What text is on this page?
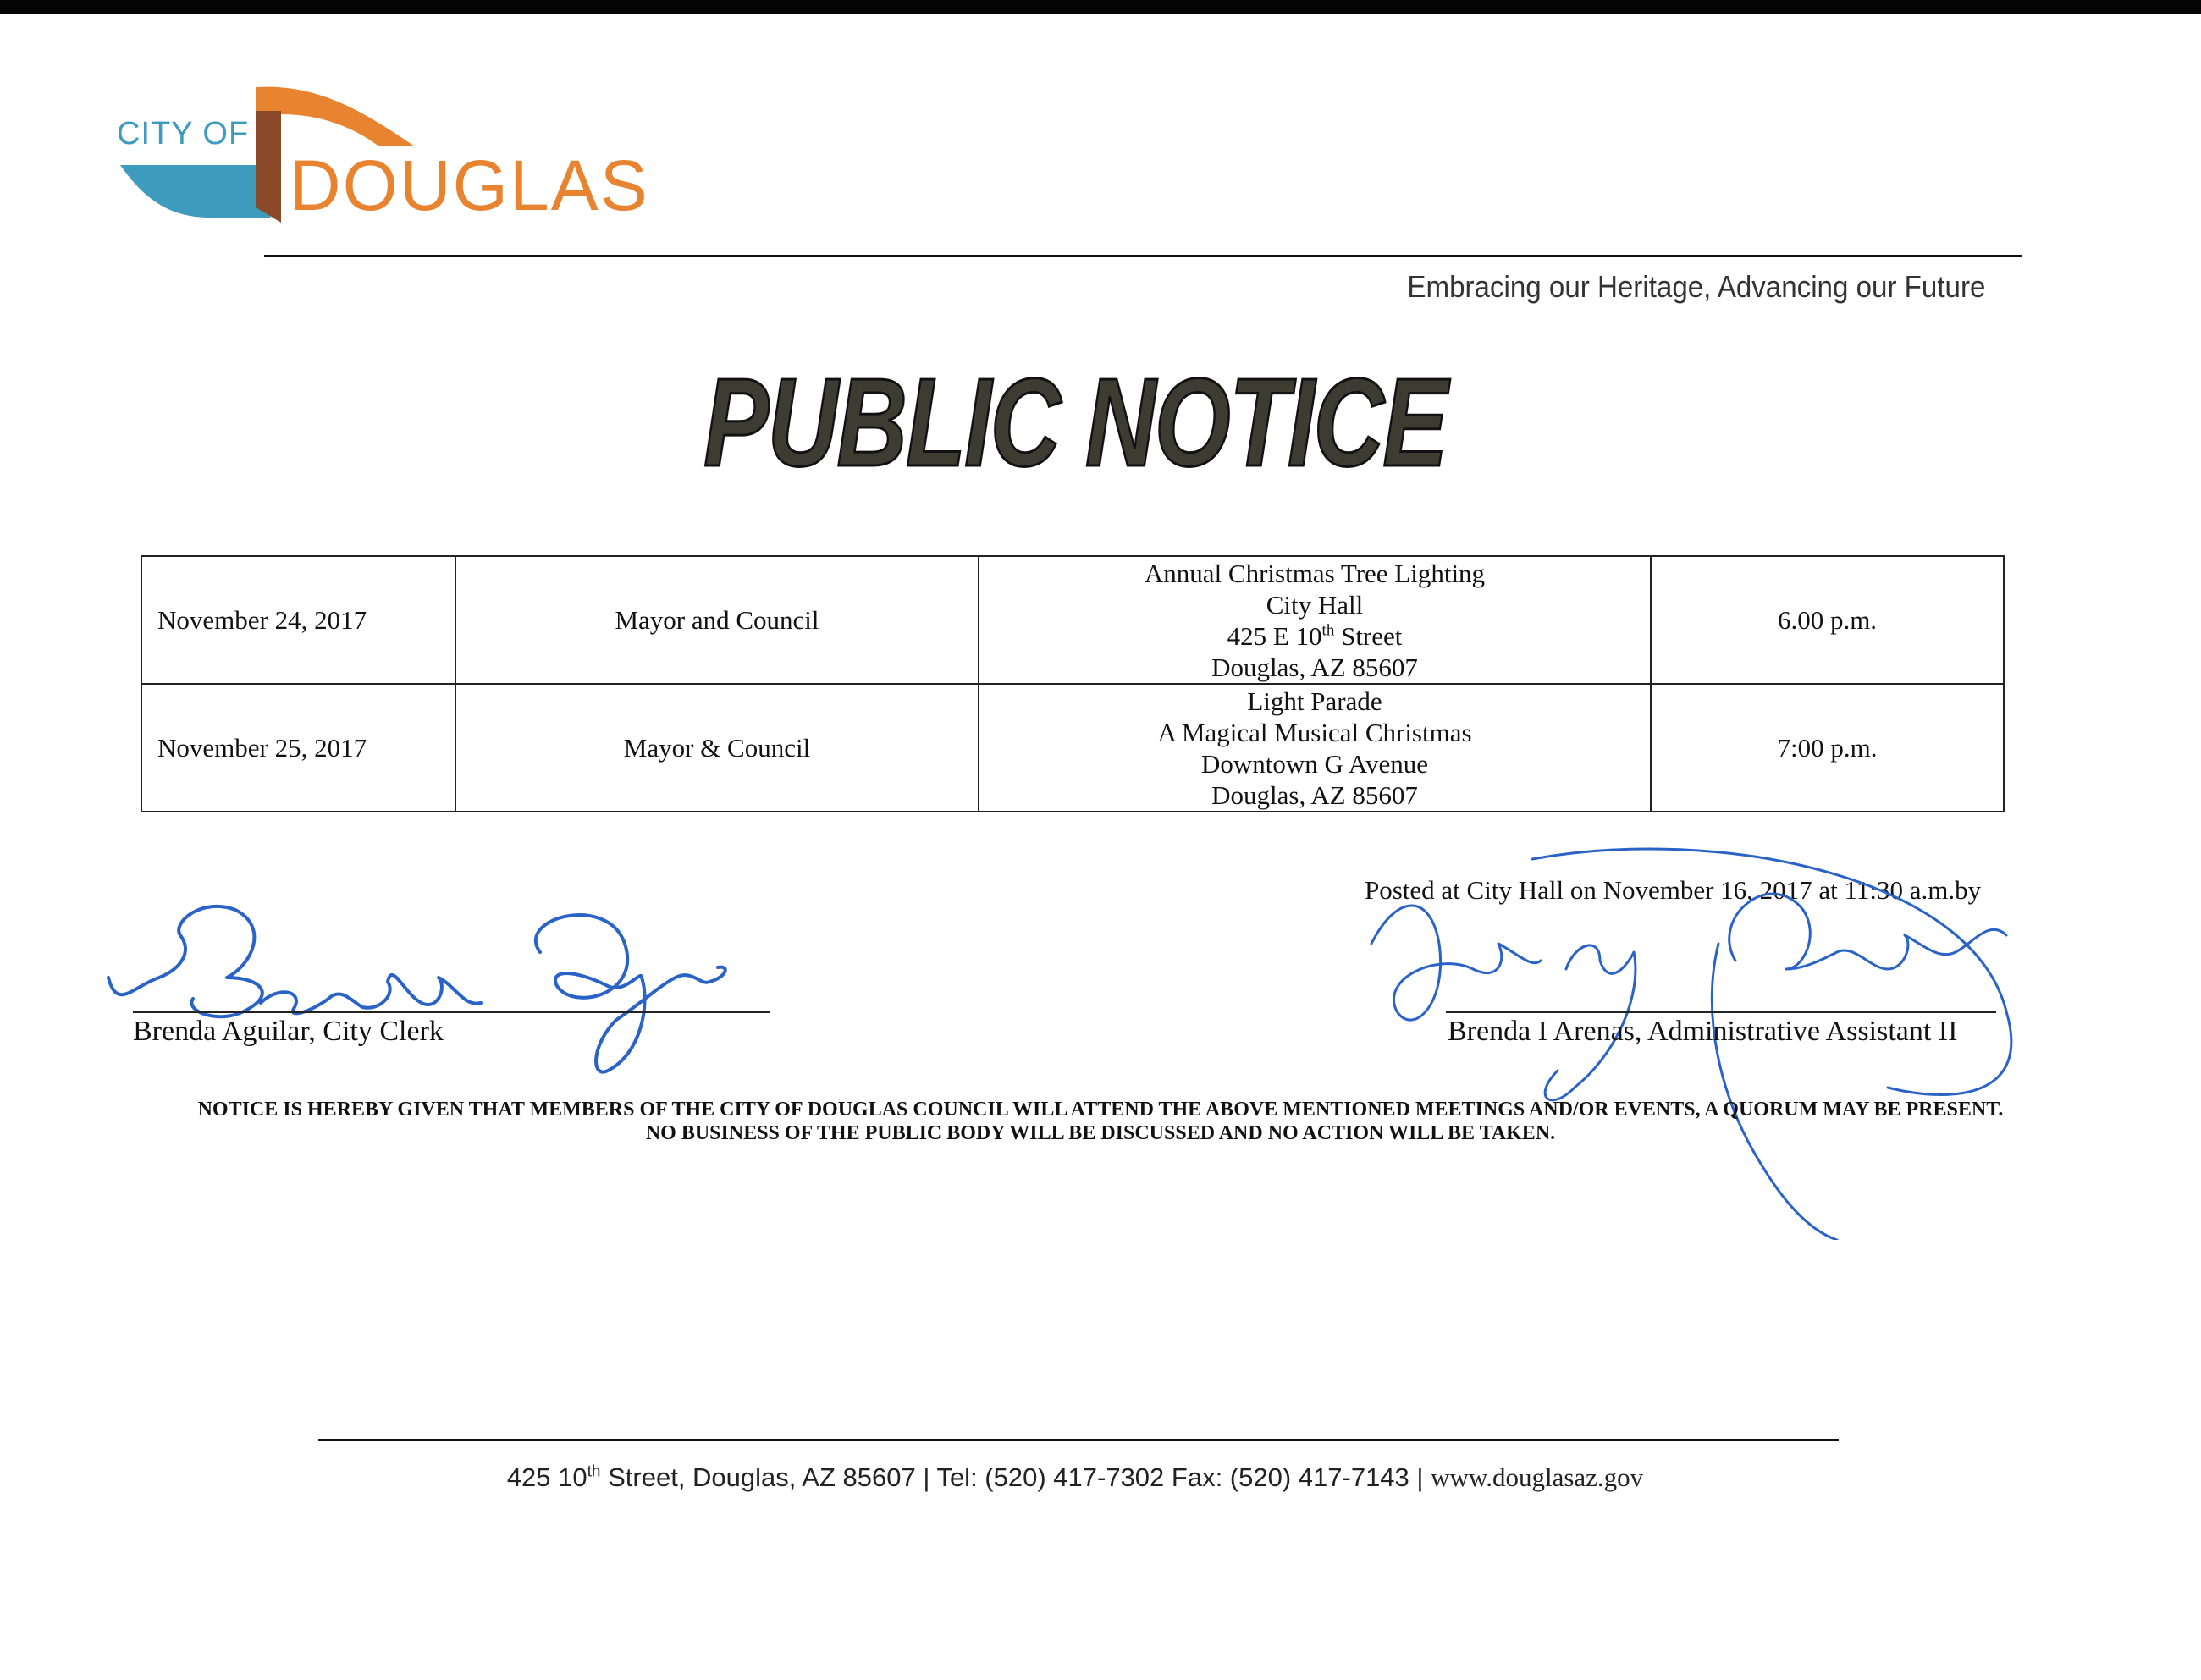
CITY OF
DOUGLAS
Embracing our Heritage, Advancing our Future
PUBLIC NOTICE
November 24, 2017	Mayor and Council	Annual Christmas Tree Lighting
City Hall
425 E 10th Street
Douglas, AZ 85607	6.00 p.m.
November 25, 2017	Mayor & Council	Light Parade
A Magical Musical Christmas
Downtown G Avenue
Douglas, AZ 85607	7:00 p.m.
Brenda Aguilar, City Clerk
Posted at City Hall on November 16, 2017 at 11:30 a.m.by
Brenda I Arenas, Administrative Assistant II
NOTICE IS HEREBY GIVEN THAT MEMBERS OF THE CITY OF DOUGLAS COUNCIL WILL ATTEND THE ABOVE MENTIONED MEETINGS AND/OR EVENTS, A QUORUM MAY BE PRESENT.
NO BUSINESS OF THE PUBLIC BODY WILL BE DISCUSSED AND NO ACTION WILL BE TAKEN.
425 10th Street, Douglas, AZ 85607 | Tel: (520) 417-7302 Fax: (520) 417-7143 | www.douglasaz.gov
